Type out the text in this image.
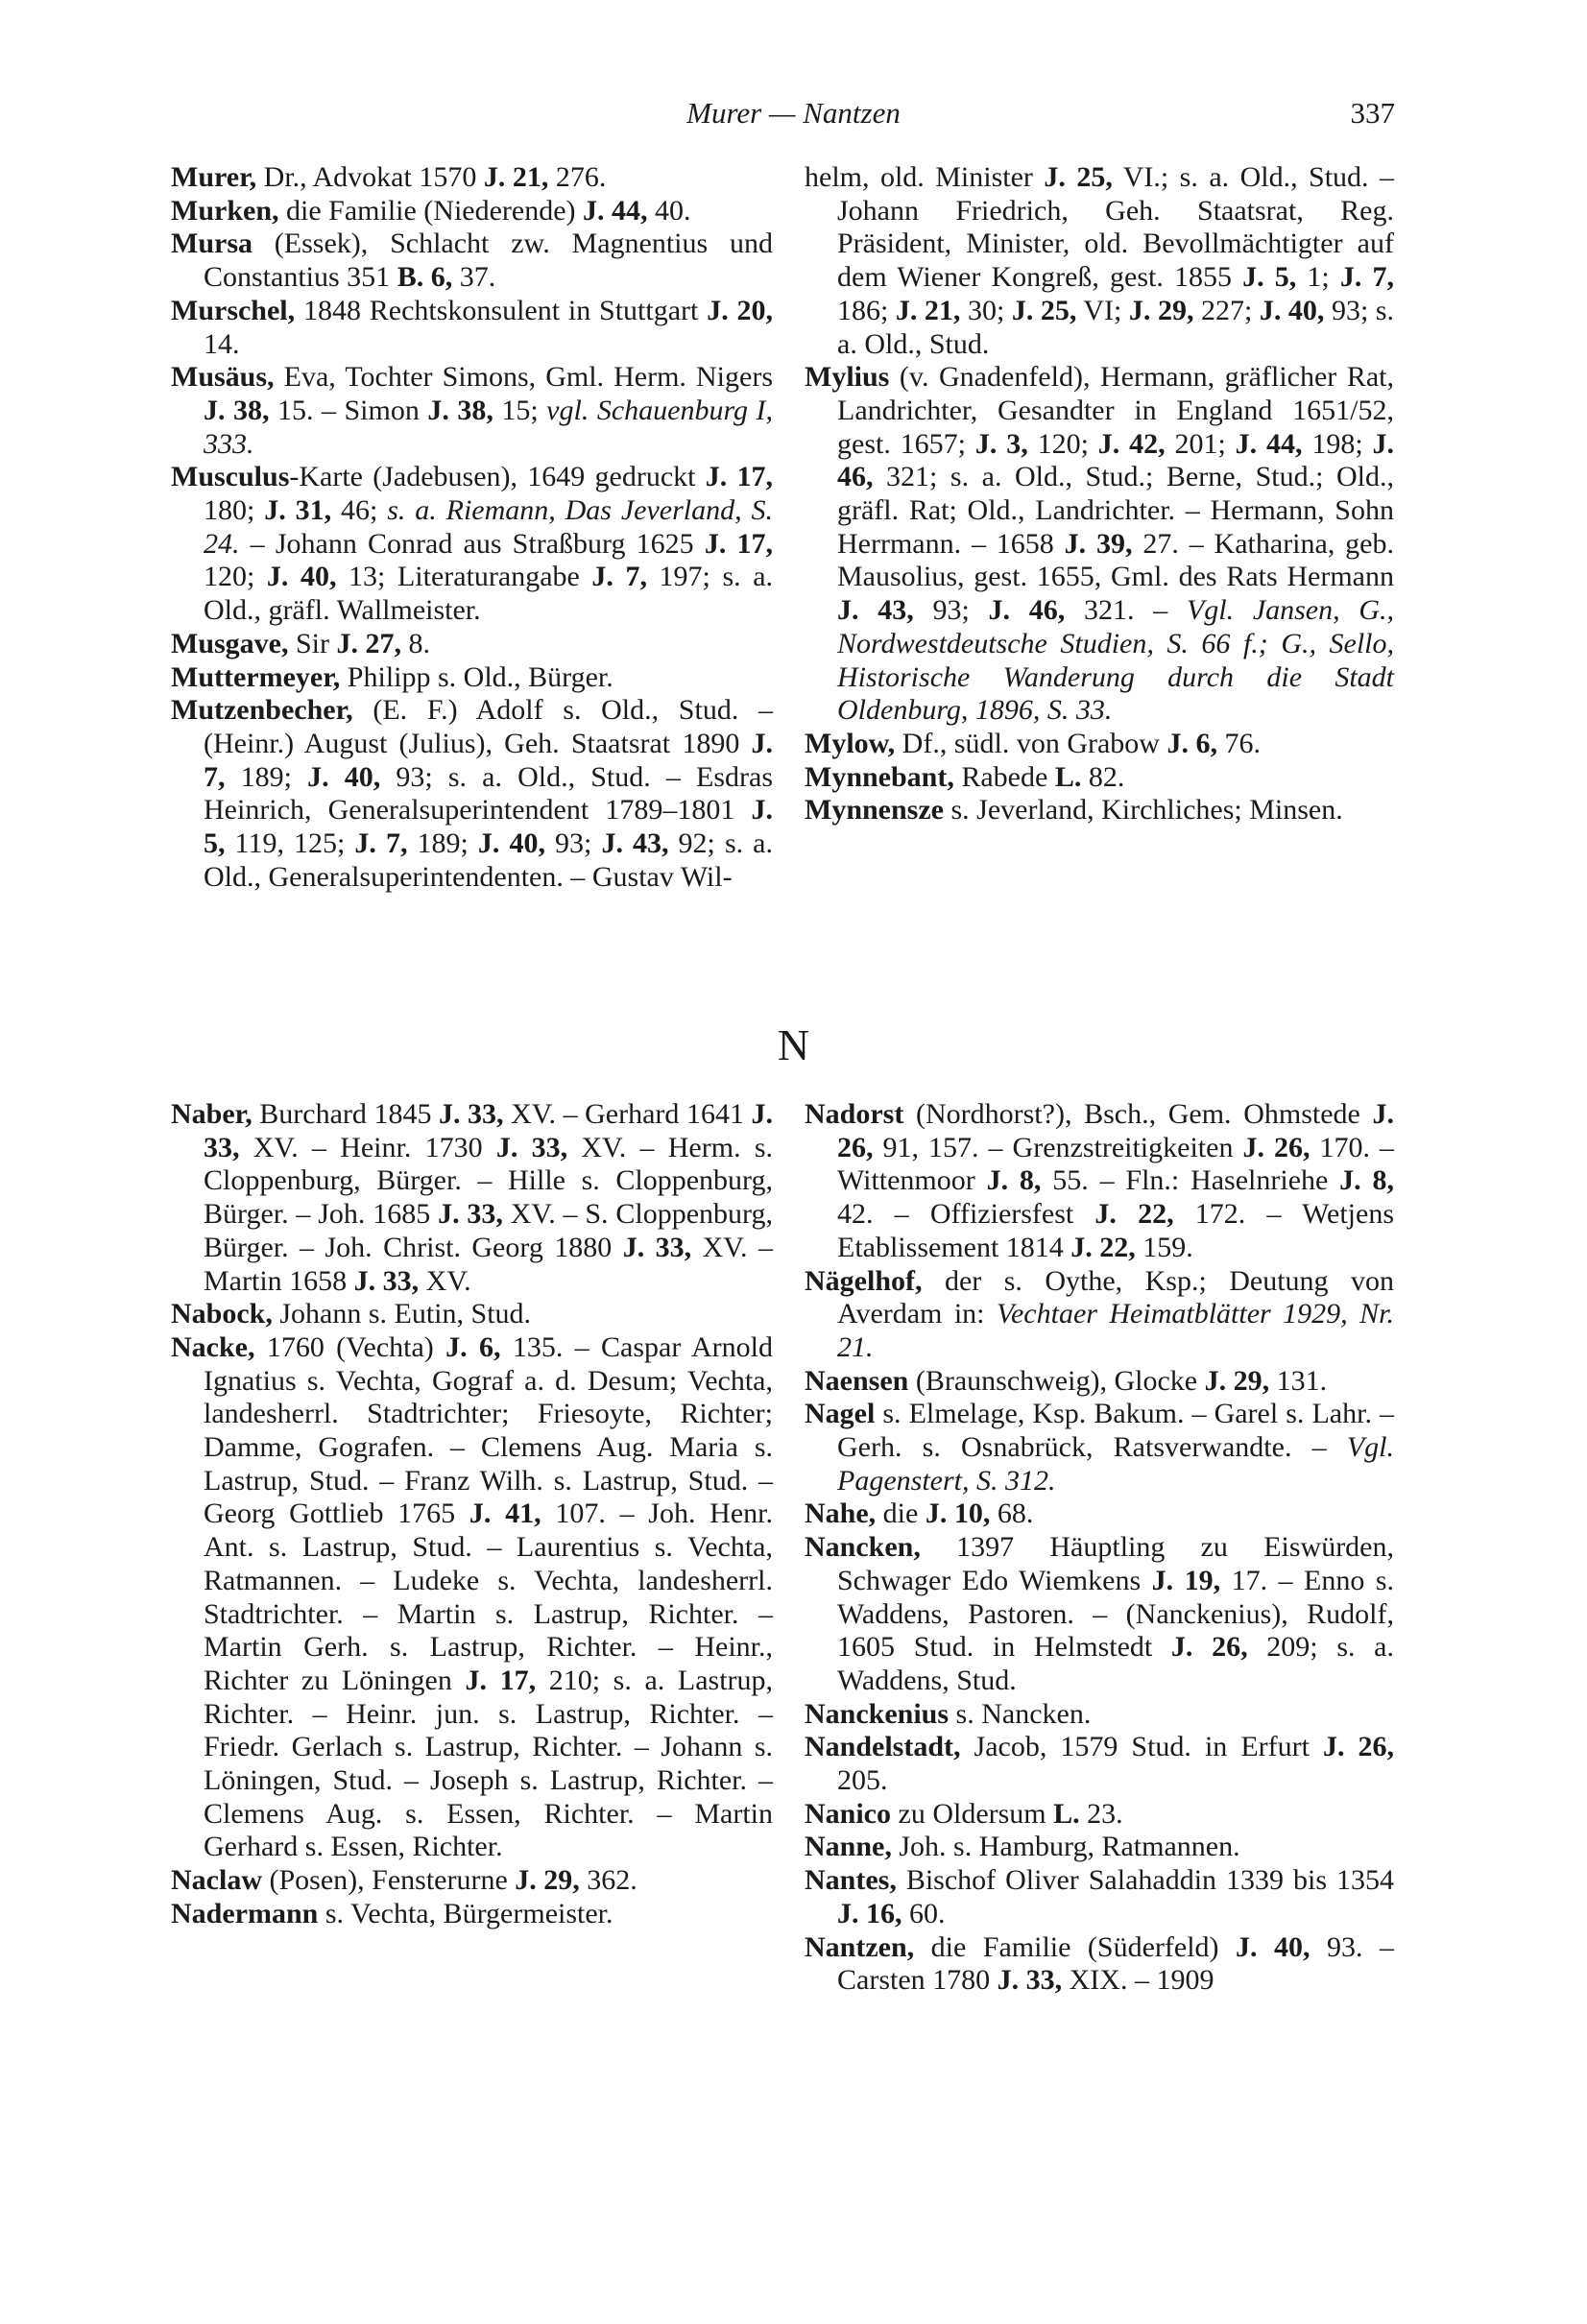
Murer — Nantzen	337

Murer, Dr., Advokat 1570 J. 21, 276.

Murken, die Familie (Niederende) J. 44, 40.

Mursa (Essek), Schlacht zw. Magnentius und Constantius 351 B. 6, 37.

Murschel, 1848 Rechtskonsulent in Stuttgart J. 20, 14.

Musäus, Eva, Tochter Simons, Gml. Herm. Nigers J. 38, 15. – Simon J. 38, 15; vgl. Schauenburg I, 333.

Musculus-Karte (Jadebusen), 1649 gedruckt J. 17, 180; J. 31, 46; s. a. Riemann, Das Jeverland, S. 24. – Johann Conrad aus Straßburg 1625 J. 17, 120; J. 40, 13; Literaturangabe J. 7, 197; s. a. Old., gräfl. Wallmeister.

Musgave, Sir J. 27, 8.

Muttermeyer, Philipp s. Old., Bürger.

Mutzenbecher, (E. F.) Adolf s. Old., Stud. – (Heinr.) August (Julius), Geh. Staatsrat 1890 J. 7, 189; J. 40, 93; s. a. Old., Stud. – Esdras Heinrich, Generalsuperintendent 1789–1801 J. 5, 119, 125; J. 7, 189; J. 40, 93; J. 43, 92; s. a. Old., Generalsuperintendenten. – Gustav Wil-

helm, old. Minister J. 25, VI.; s. a. Old., Stud. – Johann Friedrich, Geh. Staatsrat, Reg. Präsident, Minister, old. Bevollmächtigter auf dem Wiener Kongreß, gest. 1855 J. 5, 1; J. 7, 186; J. 21, 30; J. 25, VI; J. 29, 227; J. 40, 93; s. a. Old., Stud.

Mylius (v. Gnadenfeld), Hermann, gräflicher Rat, Landrichter, Gesandter in England 1651/52, gest. 1657; J. 3, 120; J. 42, 201; J. 44, 198; J. 46, 321; s. a. Old., Stud.; Berne, Stud.; Old., gräfl. Rat; Old., Landrichter. – Hermann, Sohn Herrmann. – 1658 J. 39, 27. – Katharina, geb. Mausolius, gest. 1655, Gml. des Rats Hermann J. 43, 93; J. 46, 321. – Vgl. Jansen, G., Nordwestdeutsche Studien, S. 66 f.; G., Sello, Historische Wanderung durch die Stadt Oldenburg, 1896, S. 33.

Mylow, Df., südl. von Grabow J. 6, 76.

Mynnebant, Rabede L. 82.

Mynnensze s. Jeverland, Kirchliches; Minsen.

N

Naber, Burchard 1845 J. 33, XV. – Gerhard 1641 J. 33, XV. – Heinr. 1730 J. 33, XV. – Herm. s. Cloppenburg, Bürger. – Hille s. Cloppenburg, Bürger. – Joh. 1685 J. 33, XV. – S. Cloppenburg, Bürger. – Joh. Christ. Georg 1880 J. 33, XV. – Martin 1658 J. 33, XV.

Nabock, Johann s. Eutin, Stud.

Nacke, 1760 (Vechta) J. 6, 135. – Caspar Arnold Ignatius s. Vechta, Gograf a. d. Desum; Vechta, landesherrl. Stadtrichter; Friesoyte, Richter; Damme, Gografen. – Clemens Aug. Maria s. Lastrup, Stud. – Franz Wilh. s. Lastrup, Stud. – Georg Gottlieb 1765 J. 41, 107. – Joh. Henr. Ant. s. Lastrup, Stud. – Laurentius s. Vechta, Ratmannen. – Ludeke s. Vechta, landesherrl. Stadtrichter. – Martin s. Lastrup, Richter. – Martin Gerh. s. Lastrup, Richter. – Heinr., Richter zu Löningen J. 17, 210; s. a. Lastrup, Richter. – Heinr. jun. s. Lastrup, Richter. – Friedr. Gerlach s. Lastrup, Richter. – Johann s. Löningen, Stud. – Joseph s. Lastrup, Richter. – Clemens Aug. s. Essen, Richter. – Martin Gerhard s. Essen, Richter.

Naclaw (Posen), Fensterurne J. 29, 362.

Nadermann s. Vechta, Bürgermeister.

Nadorst (Nordhorst?), Bsch., Gem. Ohmstede J. 26, 91, 157. – Grenzstreitigkeiten J. 26, 170. – Wittenmoor J. 8, 55. – Fln.: Haselnriehe J. 8, 42. – Offiziersfest J. 22, 172. – Wetjens Etablissement 1814 J. 22, 159.

Nägelhof, der s. Oythe, Ksp.; Deutung von Averdam in: Vechtaer Heimatblätter 1929, Nr. 21.

Naensen (Braunschweig), Glocke J. 29, 131.

Nagel s. Elmelage, Ksp. Bakum. – Garel s. Lahr. – Gerh. s. Osnabrück, Ratsverwandte. – Vgl. Pagenstert, S. 312.

Nahe, die J. 10, 68.

Nancken, 1397 Häuptling zu Eiswürden, Schwager Edo Wiemkens J. 19, 17. – Enno s. Waddens, Pastoren. – (Nanckenius), Rudolf, 1605 Stud. in Helmstedt J. 26, 209; s. a. Waddens, Stud.

Nanckenius s. Nancken.

Nandelstadt, Jacob, 1579 Stud. in Erfurt J. 26, 205.

Nanico zu Oldersum L. 23.

Nanne, Joh. s. Hamburg, Ratmannen.

Nantes, Bischof Oliver Salahaddin 1339 bis 1354 J. 16, 60.

Nantzen, die Familie (Süderfeld) J. 40, 93. – Carsten 1780 J. 33, XIX. – 1909
